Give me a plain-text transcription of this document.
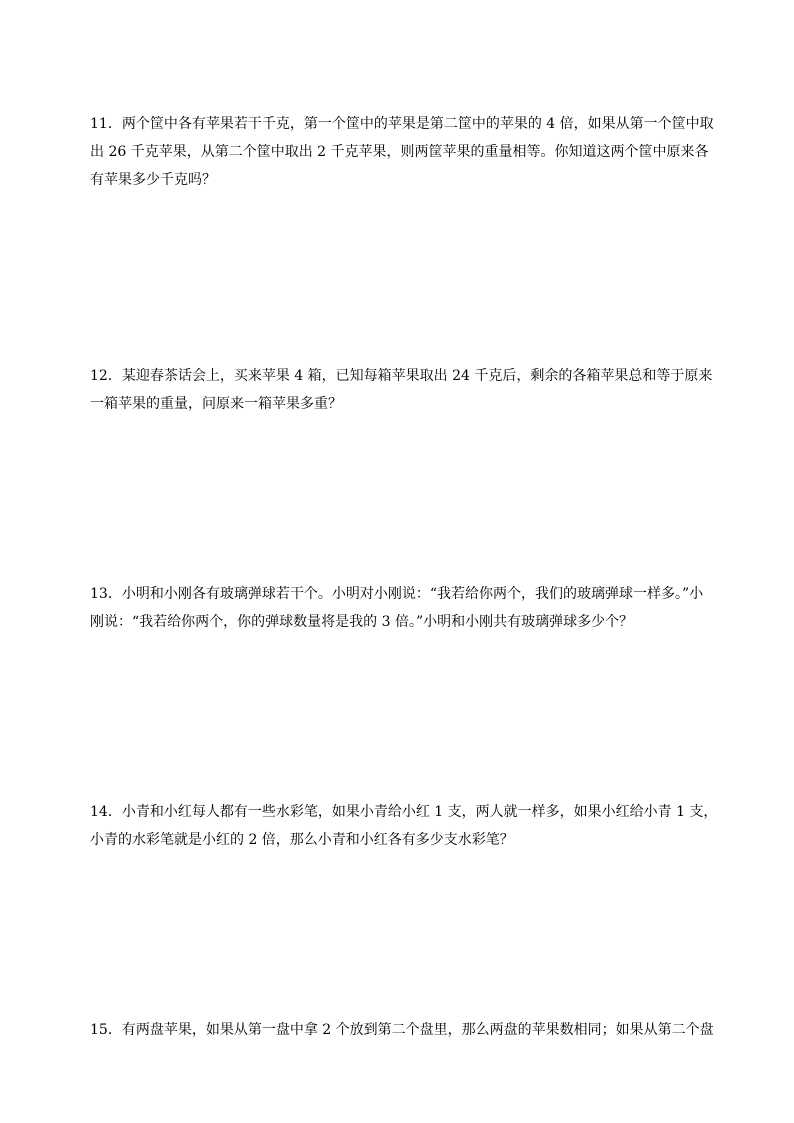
11．两个筐中各有苹果若干千克，第一个筐中的苹果是第二筐中的苹果的 4 倍，如果从第一个筐中取
出 26 千克苹果，从第二个筐中取出 2 千克苹果，则两筐苹果的重量相等。你知道这两个筐中原来各
有苹果多少千克吗？
12．某迎春茶话会上，买来苹果 4 箱，已知每箱苹果取出 24 千克后，剩余的各箱苹果总和等于原来
一箱苹果的重量，问原来一箱苹果多重？
13．小明和小刚各有玻璃弹球若干个。小明对小刚说：“我若给你两个，我们的玻璃弹球一样多。”小
刚说：“我若给你两个，你的弹球数量将是我的 3 倍。”小明和小刚共有玻璃弹球多少个？
14．小青和小红每人都有一些水彩笔，如果小青给小红 1 支，两人就一样多，如果小红给小青 1 支，
小青的水彩笔就是小红的 2 倍，那么小青和小红各有多少支水彩笔？
15．有两盘苹果，如果从第一盘中拿 2 个放到第二个盘里，那么两盘的苹果数相同；如果从第二个盘
